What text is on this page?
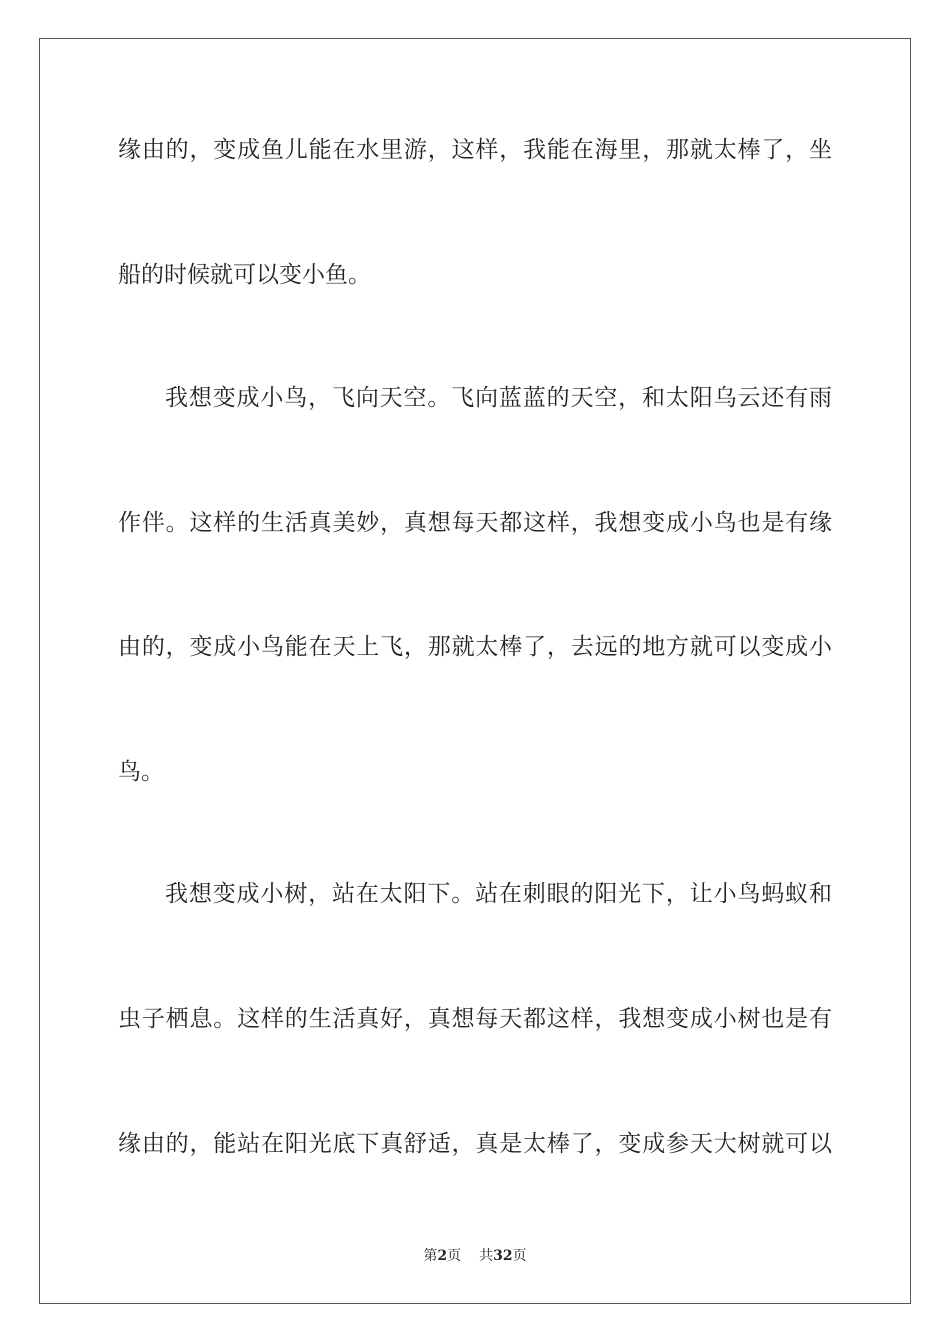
缘由的，变成鱼儿能在水里游，这样，我能在海里，那就太棒了，坐
船的时候就可以变小鱼。
我想变成小鸟，飞向天空。飞向蓝蓝的天空，和太阳乌云还有雨
作伴。这样的生活真美妙，真想每天都这样，我想变成小鸟也是有缘
由的，变成小鸟能在天上飞，那就太棒了，去远的地方就可以变成小
鸟。
我想变成小树，站在太阳下。站在刺眼的阳光下，让小鸟蚂蚁和
虫子栖息。这样的生活真好，真想每天都这样，我想变成小树也是有
缘由的，能站在阳光底下真舒适，真是太棒了，变成参天大树就可以
第2页 共32页
